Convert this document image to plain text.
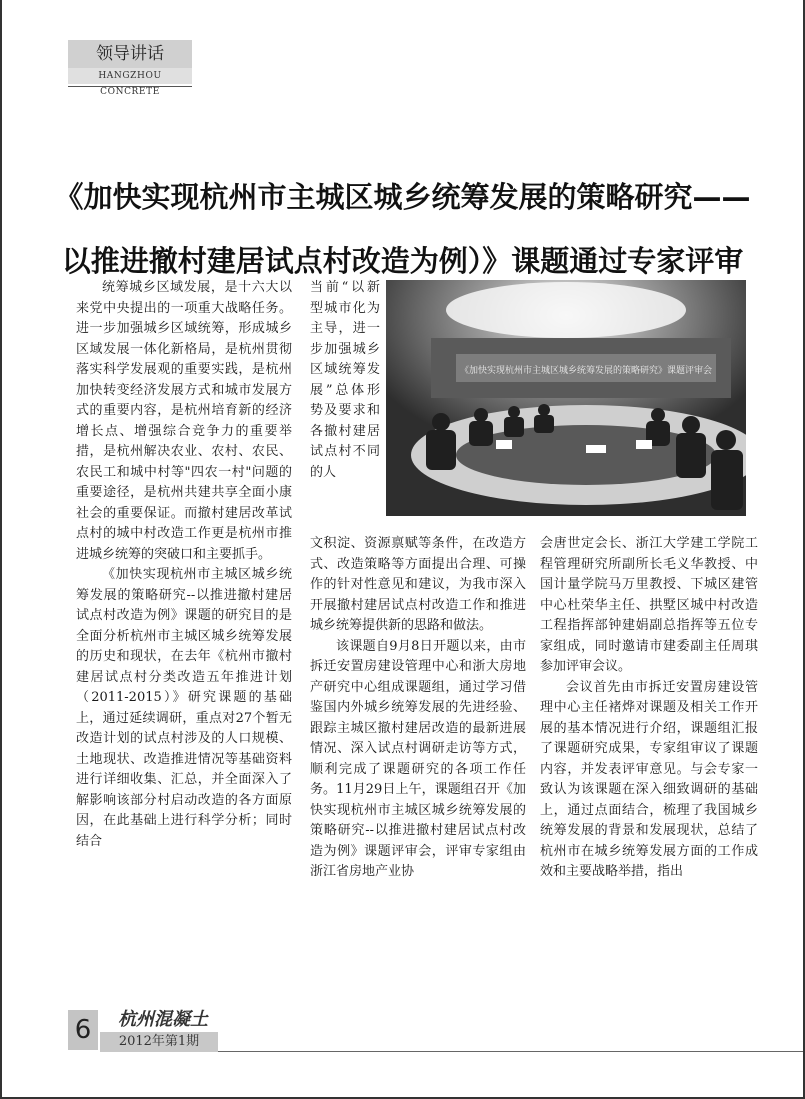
领导讲话
HANGZHOU CONCRETE
《加快实现杭州市主城区城乡统筹发展的策略研究——
以推进撤村建居试点村改造为例）》课题通过专家评审

统筹城乡区域发展，是十六大以来党中央提出的一项重大战略任务。进一步加强城乡区域统筹，形成城乡区域发展一体化新格局，是杭州贯彻落实科学发展观的重要实践，是杭州加快转变经济发展方式和城市发展方式的重要内容，是杭州培育新的经济增长点、增强综合竞争力的重要举措，是杭州解决农业、农村、农民、农民工和城中村等"四农一村"问题的重要途径，是杭州共建共享全面小康社会的重要保证。而撤村建居改革试点村的城中村改造工作更是杭州市推进城乡统筹的突破口和主要抓手。

《加快实现杭州市主城区城乡统筹发展的策略研究--以推进撤村建居试点村改造为例》课题的研究目的是全面分析杭州市主城区城乡统筹发展的历史和现状，在去年《杭州市撤村建居试点村分类改造五年推进计划（2011-2015）》研究课题的基础上，通过延续调研，重点对27个暂无改造计划的试点村涉及的人口规模、土地现状、改造推进情况等基础资料进行详细收集、汇总，并全面深入了解影响该部分村启动改造的各方面原因，在此基础上进行科学分析；同时结合

当前“以新型城市化为主导，进一步加强城乡区域统筹发展”总体形势及要求和各撤村建居试点村不同的人

《加快实现杭州市主城区城乡统筹发展的策略研究》课题评审会

文积淀、资源禀赋等条件，在改造方式、改造策略等方面提出合理、可操作的针对性意见和建议，为我市深入开展撤村建居试点村改造工作和推进城乡统筹提供新的思路和做法。

该课题自9月8日开题以来，由市拆迁安置房建设管理中心和浙大房地产研究中心组成课题组，通过学习借鉴国内外城乡统筹发展的先进经验、跟踪主城区撤村建居改造的最新进展情况、深入试点村调研走访等方式，顺利完成了课题研究的各项工作任务。11月29日上午，课题组召开《加快实现杭州市主城区城乡统筹发展的策略研究--以推进撤村建居试点村改造为例》课题评审会，评审专家组由浙江省房地产业协

会唐世定会长、浙江大学建工学院工程管理研究所副所长毛义华教授、中国计量学院马万里教授、下城区建管中心杜荣华主任、拱墅区城中村改造工程指挥部钟建娟副总指挥等五位专家组成，同时邀请市建委副主任周琪参加评审会议。

会议首先由市拆迁安置房建设管理中心主任褚烨对课题及相关工作开展的基本情况进行介绍，课题组汇报了课题研究成果，专家组审议了课题内容，并发表评审意见。与会专家一致认为该课题在深入细致调研的基础上，通过点面结合，梳理了我国城乡统筹发展的背景和发展现状，总结了杭州市在城乡统筹发展方面的工作成效和主要战略举措，指出

6	杭州混凝土
2012年第1期
